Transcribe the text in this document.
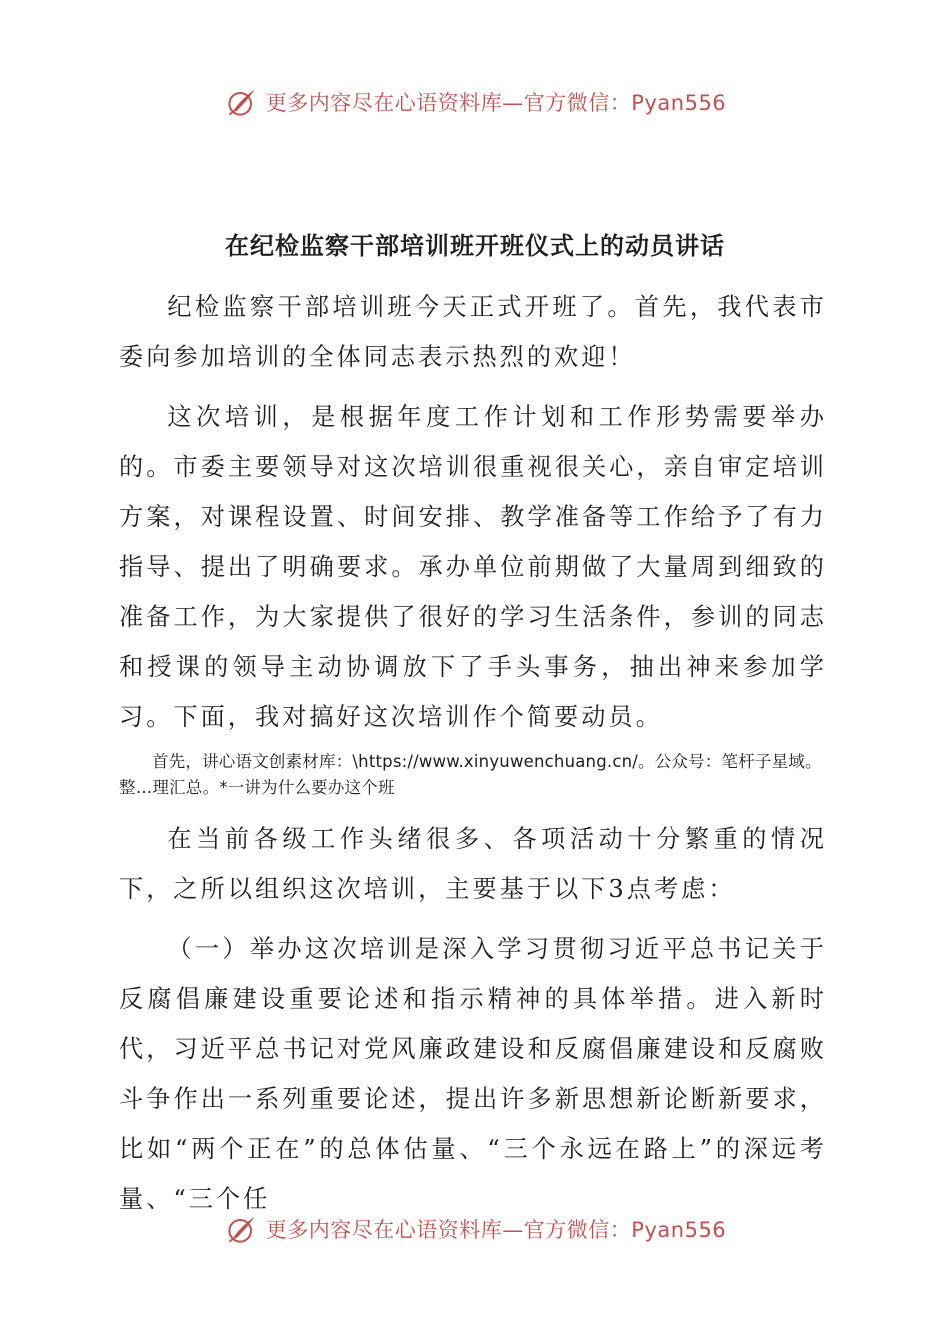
更多内容尽在心语资料库—官方微信：Pyan556
在纪检监察干部培训班开班仪式上的动员讲话

纪检监察干部培训班今天正式开班了。首先，我代表市委向参加培训的全体同志表示热烈的欢迎！

这次培训，是根据年度工作计划和工作形势需要举办的。市委主要领导对这次培训很重视很关心，亲自审定培训方案，对课程设置、时间安排、教学准备等工作给予了有力指导、提出了明确要求。承办单位前期做了大量周到细致的准备工作，为大家提供了很好的学习生活条件，参训的同志和授课的领导主动协调放下了手头事务，抽出神来参加学习。下面，我对搞好这次培训作个简要动员。

首先，讲心语文创素材库：\https://www.xinyuwenchuang.cn/。公众号：笔杆子星域。整…理汇总。*一讲为什么要办这个班

在当前各级工作头绪很多、各项活动十分繁重的情况下，之所以组织这次培训，主要基于以下3点考虑：

（一）举办这次培训是深入学习贯彻习近平总书记关于反腐倡廉建设重要论述和指示精神的具体举措。进入新时代，习近平总书记对党风廉政建设和反腐倡廉建设和反腐败斗争作出一系列重要论述，提出许多新思想新论断新要求，比如“两个正在”的总体估量、“三个永远在路上”的深远考量、“三个任

更多内容尽在心语资料库—官方微信：Pyan556
